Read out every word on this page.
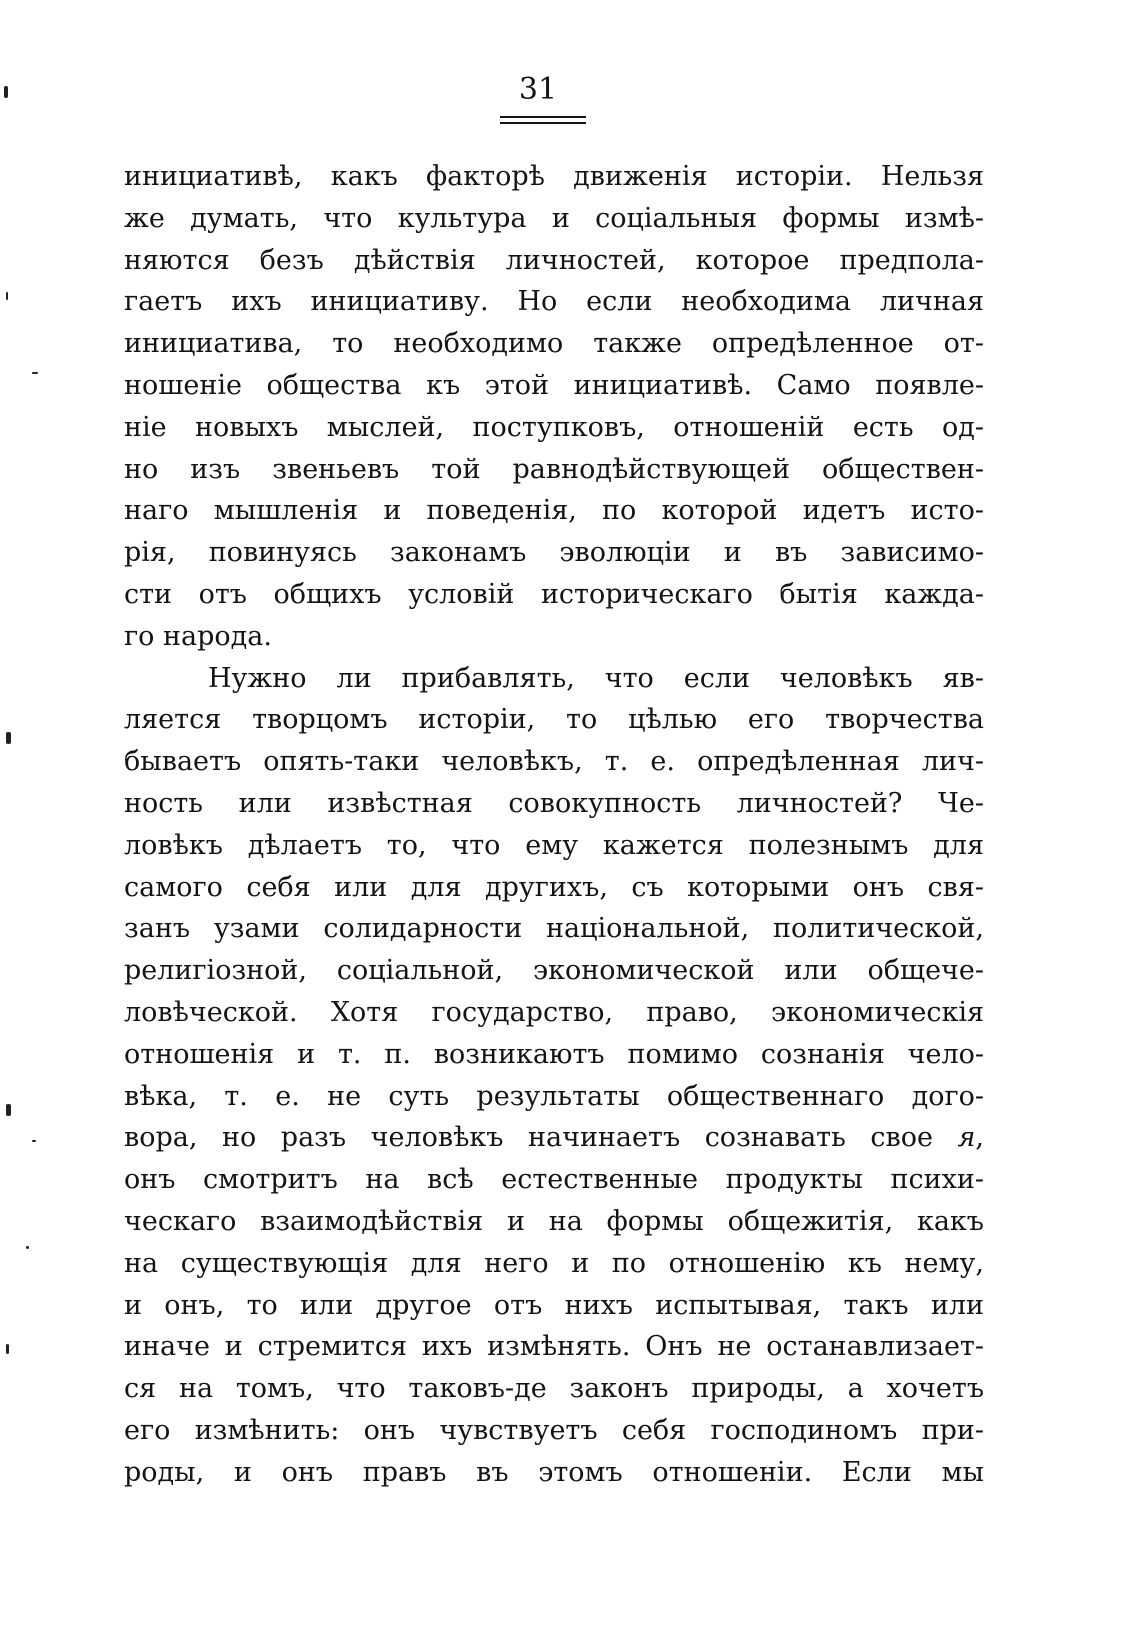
31
инициативѣ, какъ факторѣ движенія исторіи. Нельзя
же думать, что культура и соціальныя формы измѣ-
няются безъ дѣйствія личностей, которое предпола-
гаетъ ихъ инициативу. Но если необходима личная
инициатива, то необходимо также опредѣленное от-
ношеніе общества къ этой инициативѣ. Само появле-
ніе новыхъ мыслей, поступковъ, отношеній есть од-
но изъ звеньевъ той равнодѣйствующей обществен-
наго мышленія и поведенія, по которой идетъ исто-
рія, повинуясь законамъ эволюціи и въ зависимо-
сти отъ общихъ условій историческаго бытія кажда-
го народа.
Нужно ли прибавлять, что если человѣкъ яв-
ляется творцомъ исторіи, то цѣлью его творчества
бываетъ опять-таки человѣкъ, т. е. опредѣленная лич-
ность или извѣстная совокупность личностей? Че-
ловѣкъ дѣлаетъ то, что ему кажется полезнымъ для
самого себя или для другихъ, съ которыми онъ свя-
занъ узами солидарности національной, политической,
религіозной, соціальной, экономической или общече-
ловѣческой. Хотя государство, право, экономическія
отношенія и т. п. возникаютъ помимо сознанія чело-
вѣка, т. е. не суть результаты общественнаго дого-
вора, но разъ человѣкъ начинаетъ сознавать свое я,
онъ смотритъ на всѣ естественные продукты психи-
ческаго взаимодѣйствія и на формы общежитія, какъ
на существующія для него и по отношенію къ нему,
и онъ, то или другое отъ нихъ испытывая, такъ или
иначе и стремится ихъ измѣнять. Онъ не останавлизает-
ся на томъ, что таковъ-де законъ природы, а хочетъ
его измѣнить: онъ чувствуетъ себя господиномъ при-
роды, и онъ правъ въ этомъ отношеніи. Если мы
